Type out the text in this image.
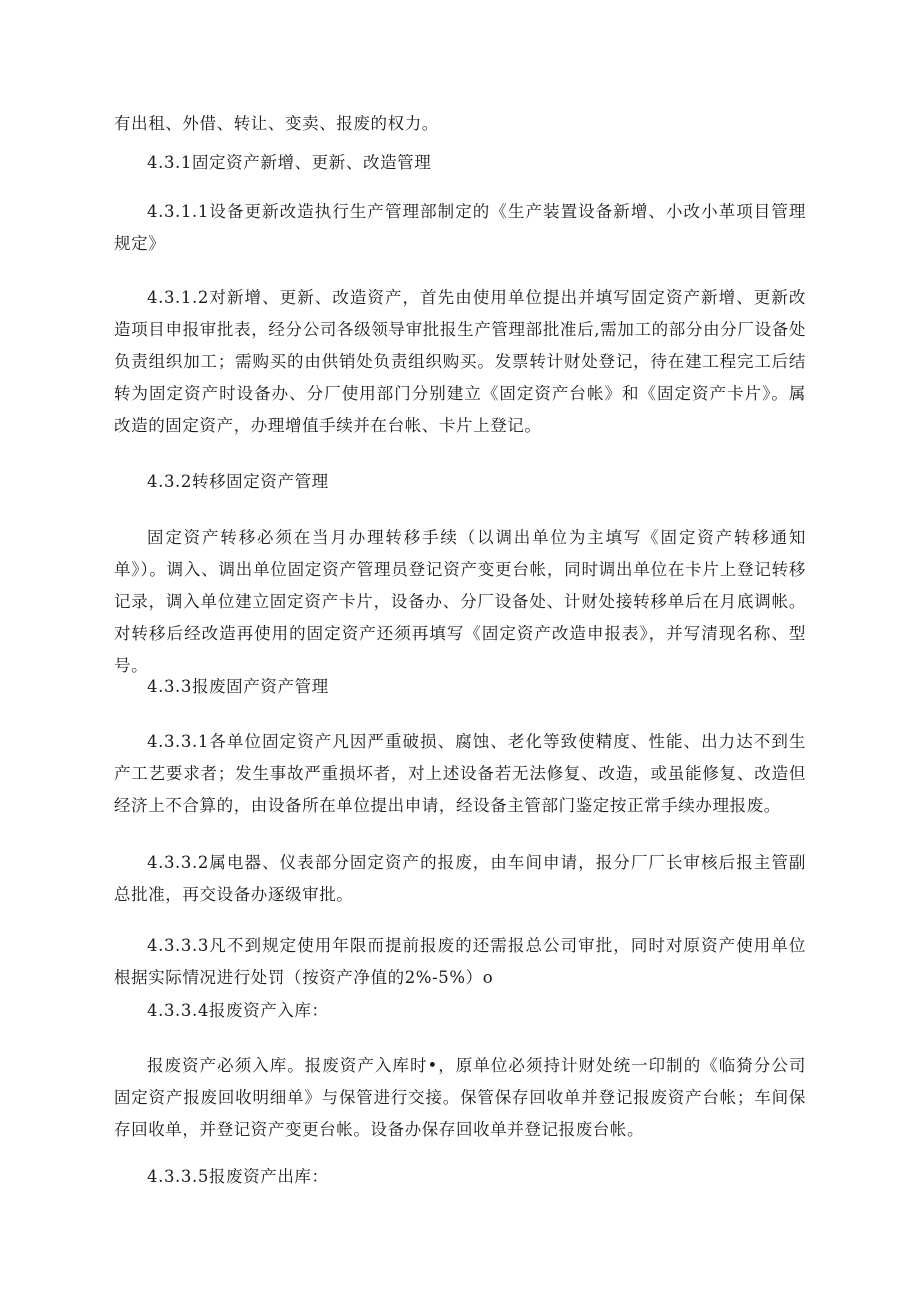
有出租、外借、转让、变卖、报废的权力。
4.3.1固定资产新增、更新、改造管理
4.3.1.1设备更新改造执行生产管理部制定的《生产装置设备新增、小改小革项目管理规定》
4.3.1.2对新增、更新、改造资产，首先由使用单位提出并填写固定资产新增、更新改造项目申报审批表，经分公司各级领导审批报生产管理部批准后,需加工的部分由分厂设备处负责组织加工；需购买的由供销处负责组织购买。发票转计财处登记，待在建工程完工后结转为固定资产时设备办、分厂使用部门分别建立《固定资产台帐》和《固定资产卡片》。属改造的固定资产，办理增值手续并在台帐、卡片上登记。
4.3.2转移固定资产管理
固定资产转移必须在当月办理转移手续（以调出单位为主填写《固定资产转移通知单》）。调入、调出单位固定资产管理员登记资产变更台帐，同时调出单位在卡片上登记转移记录，调入单位建立固定资产卡片，设备办、分厂设备处、计财处接转移单后在月底调帐。对转移后经改造再使用的固定资产还须再填写《固定资产改造申报表》，并写清现名称、型号。
4.3.3报废固产资产管理
4.3.3.1各单位固定资产凡因严重破损、腐蚀、老化等致使精度、性能、出力达不到生产工艺要求者；发生事故严重损坏者，对上述设备若无法修复、改造，或虽能修复、改造但经济上不合算的，由设备所在单位提出申请，经设备主管部门鉴定按正常手续办理报废。
4.3.3.2属电器、仪表部分固定资产的报废，由车间申请，报分厂厂长审核后报主管副总批准，再交设备办逐级审批。
4.3.3.3凡不到规定使用年限而提前报废的还需报总公司审批，同时对原资产使用单位根据实际情况进行处罚（按资产净值的2%-5%）o
4.3.3.4报废资产入库：
报废资产必须入库。报废资产入库时•，原单位必须持计财处统一印制的《临猗分公司固定资产报废回收明细单》与保管进行交接。保管保存回收单并登记报废资产台帐；车间保存回收单，并登记资产变更台帐。设备办保存回收单并登记报废台帐。
4.3.3.5报废资产出库：
